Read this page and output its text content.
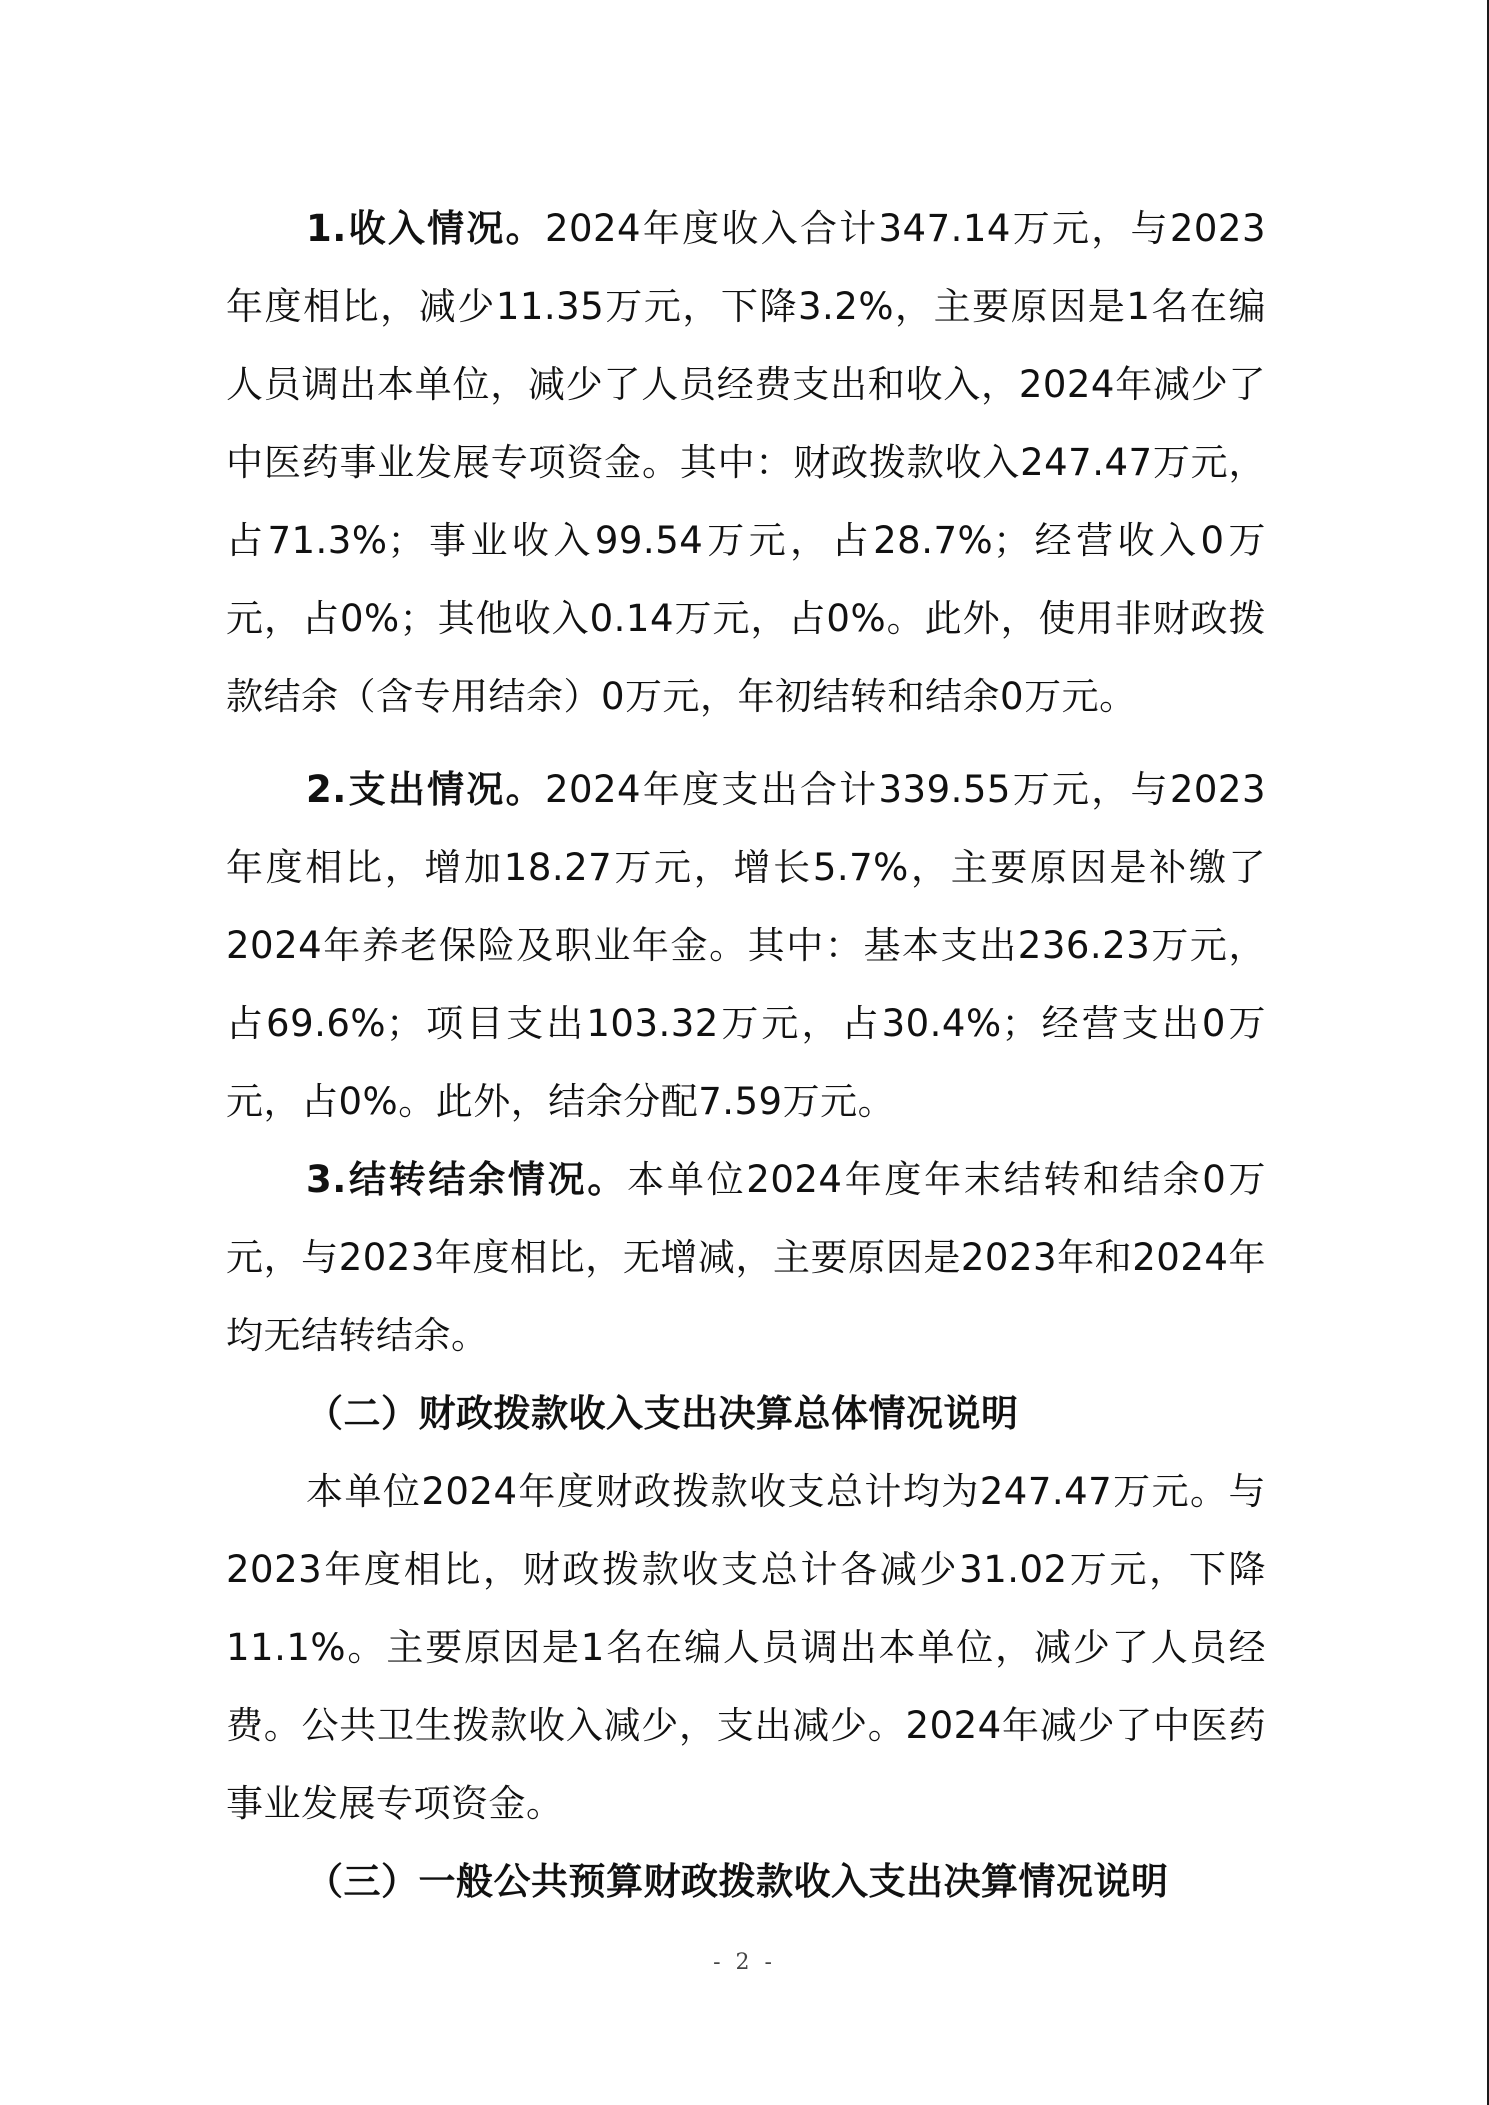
1.收入情况。2024年度收入合计347.14万元，与2023年度相比，减少11.35万元，下降3.2%，主要原因是1名在编人员调出本单位，减少了人员经费支出和收入，2024年减少了中医药事业发展专项资金。其中：财政拨款收入247.47万元，占71.3%；事业收入99.54万元，占28.7%；经营收入0万元，占0%；其他收入0.14万元，占0%。此外，使用非财政拨款结余（含专用结余）0万元，年初结转和结余0万元。

2.支出情况。2024年度支出合计339.55万元，与2023年度相比，增加18.27万元，增长5.7%，主要原因是补缴了2024年养老保险及职业年金。其中：基本支出236.23万元，占69.6%；项目支出103.32万元，占30.4%；经营支出0万元，占0%。此外，结余分配7.59万元。

3.结转结余情况。本单位2024年度年末结转和结余0万元，与2023年度相比，无增减，主要原因是2023年和2024年均无结转结余。

（二）财政拨款收入支出决算总体情况说明

本单位2024年度财政拨款收支总计均为247.47万元。与2023年度相比，财政拨款收支总计各减少31.02万元，下降11.1%。主要原因是1名在编人员调出本单位，减少了人员经费。公共卫生拨款收入减少，支出减少。2024年减少了中医药事业发展专项资金。

（三）一般公共预算财政拨款收入支出决算情况说明
- 2 -
